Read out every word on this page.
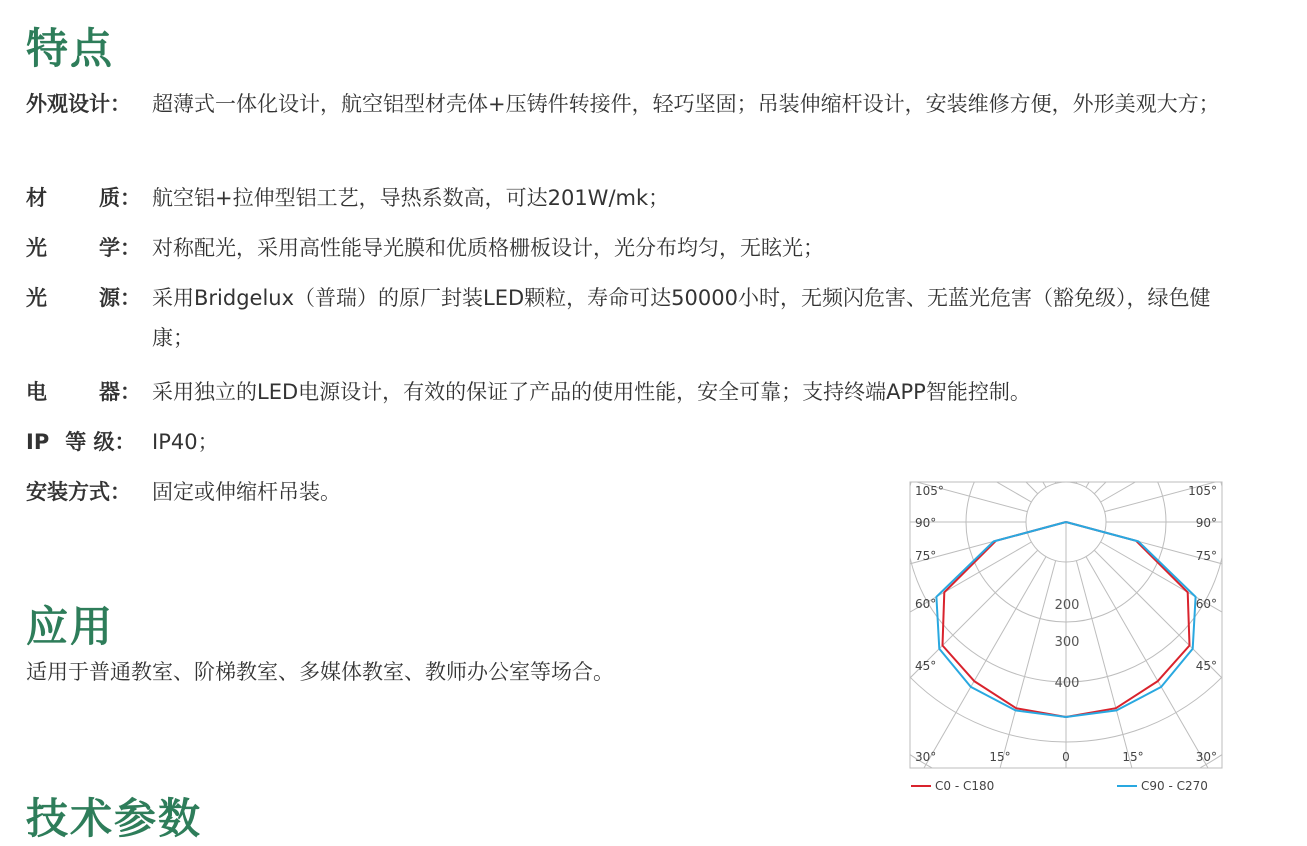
特点
外观设计：	超薄式一体化设计，航空铝型材壳体+压铸件转接件，轻巧坚固；吊装伸缩杆设计，安装维修方便，外形美观大方；
材 质： 航空铝+拉伸型铝工艺，导热系数高，可达201W/mk；
光 学： 对称配光，采用高性能导光膜和优质格栅板设计，光分布均匀，无眩光；
光 源： 采用Bridgelux（普瑞）的原厂封装LED颗粒，寿命可达50000小时，无频闪危害、无蓝光危害（豁免级），绿色健康；
电 器： 采用独立的LED电源设计，有效的保证了产品的使用性能，安全可靠；支持终端APP智能控制。
IP 等 级： IP40；
安装方式：	固定或伸缩杆吊装。
应用
适用于普通教室、阶梯教室、多媒体教室、教师办公室等场合。
技术参数
105°
90°
75°
60°
45°
30°
105°
90°
75°
60°
45°
30°
15°	0	15°
200
300
400
C0 - C180	C90 - C270
